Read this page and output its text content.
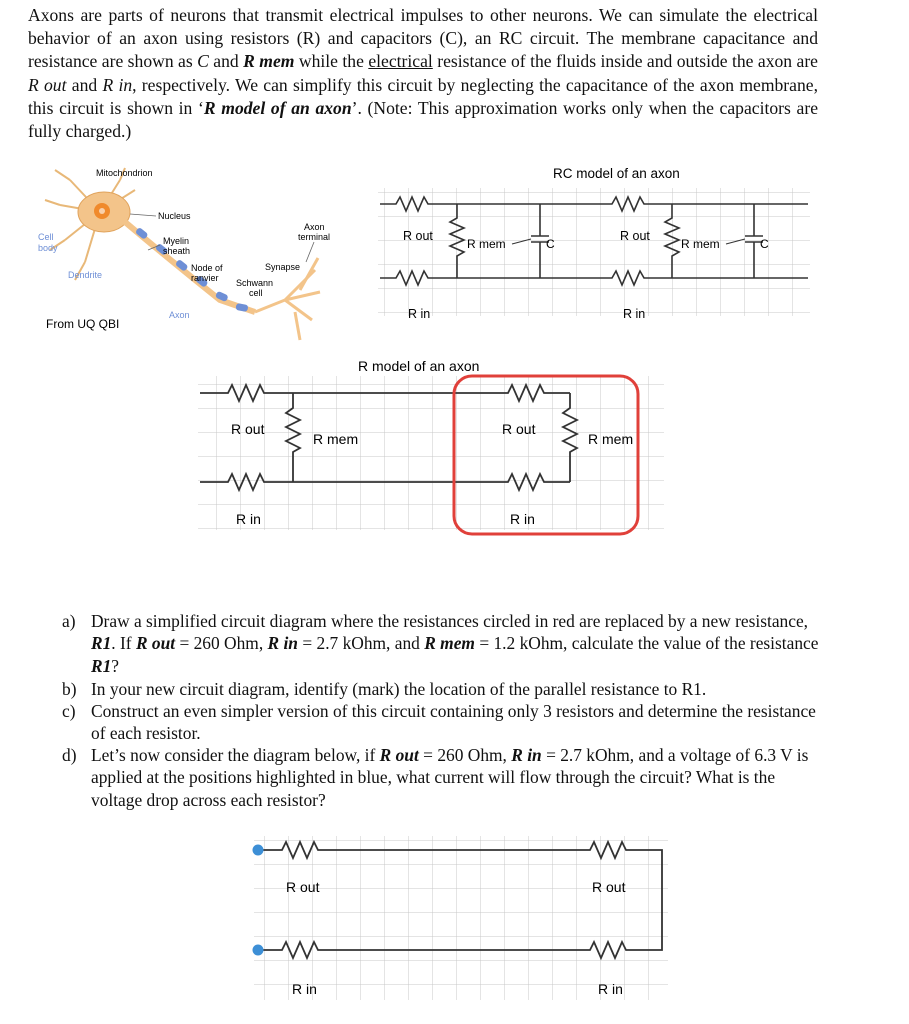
Axons are parts of neurons that transmit electrical impulses to other neurons. We can simulate the electrical behavior of an axon using resistors (R) and capacitors (C), an RC circuit. The membrane capacitance and resistance are shown as C and R mem while the electrical resistance of the fluids inside and outside the axon are R out and R in, respectively. We can simplify this circuit by neglecting the capacitance of the axon membrane, this circuit is shown in ‘R model of an axon’. (Note: This approximation works only when the capacitors are fully charged.)
Mitochondrion
Nucleus
Cell
body
Myelin
sheath
Axon
terminal
Dendrite
Node of
ranvier
Synapse
Schwann
cell
Axon
From UQ QBI
RC model of an axon
R out
R mem	C
R in
R out
R mem	C
R in
R model of an axon
R out
R mem
R in
R out
R mem
R in
R out
R in
R out
R in
a) Draw a simplified circuit diagram where the resistances circled in red are replaced by a new resistance, R1. If R out = 260 Ohm, R in = 2.7 kOhm, and R mem = 1.2 kOhm, calculate the value of the resistance R1?
b) In your new circuit diagram, identify (mark) the location of the parallel resistance to R1.
c) Construct an even simpler version of this circuit containing only 3 resistors and determine the resistance of each resistor.
d) Let’s now consider the diagram below, if R out = 260 Ohm, R in = 2.7 kOhm, and a voltage of 6.3 V is applied at the positions highlighted in blue, what current will flow through the circuit? What is the voltage drop across each resistor?
